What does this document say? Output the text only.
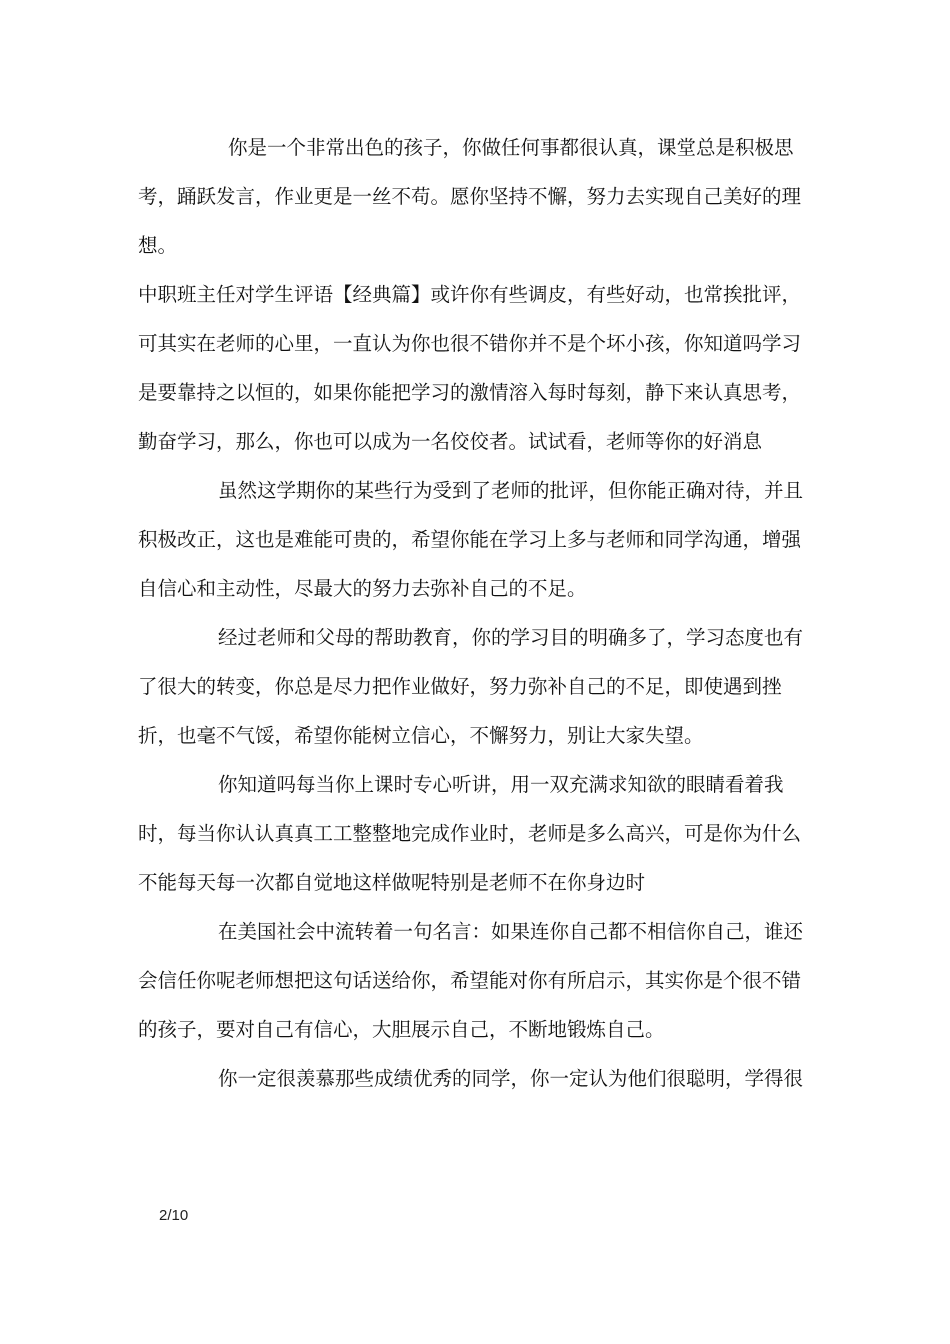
你是一个非常出色的孩子，你做任何事都很认真，课堂总是积极思考，踊跃发言，作业更是一丝不苟。愿你坚持不懈，努力去实现自己美好的理想。

中职班主任对学生评语【经典篇】或许你有些调皮，有些好动，也常挨批评，可其实在老师的心里，一直认为你也很不错你并不是个坏小孩，你知道吗学习是要靠持之以恒的，如果你能把学习的激情溶入每时每刻，静下来认真思考，勤奋学习，那么，你也可以成为一名佼佼者。试试看，老师等你的好消息

虽然这学期你的某些行为受到了老师的批评，但你能正确对待，并且积极改正，这也是难能可贵的，希望你能在学习上多与老师和同学沟通，增强自信心和主动性，尽最大的努力去弥补自己的不足。

经过老师和父母的帮助教育，你的学习目的明确多了，学习态度也有了很大的转变，你总是尽力把作业做好，努力弥补自己的不足，即使遇到挫折，也毫不气馁，希望你能树立信心，不懈努力，别让大家失望。

你知道吗每当你上课时专心听讲，用一双充满求知欲的眼睛看着我时，每当你认认真真工工整整地完成作业时，老师是多么高兴，可是你为什么不能每天每一次都自觉地这样做呢特别是老师不在你身边时

在美国社会中流转着一句名言：如果连你自己都不相信你自己，谁还会信任你呢老师想把这句话送给你，希望能对你有所启示，其实你是个很不错的孩子，要对自己有信心，大胆展示自己，不断地锻炼自己。

你一定很羡慕那些成绩优秀的同学，你一定认为他们很聪明，学得很

2/10
